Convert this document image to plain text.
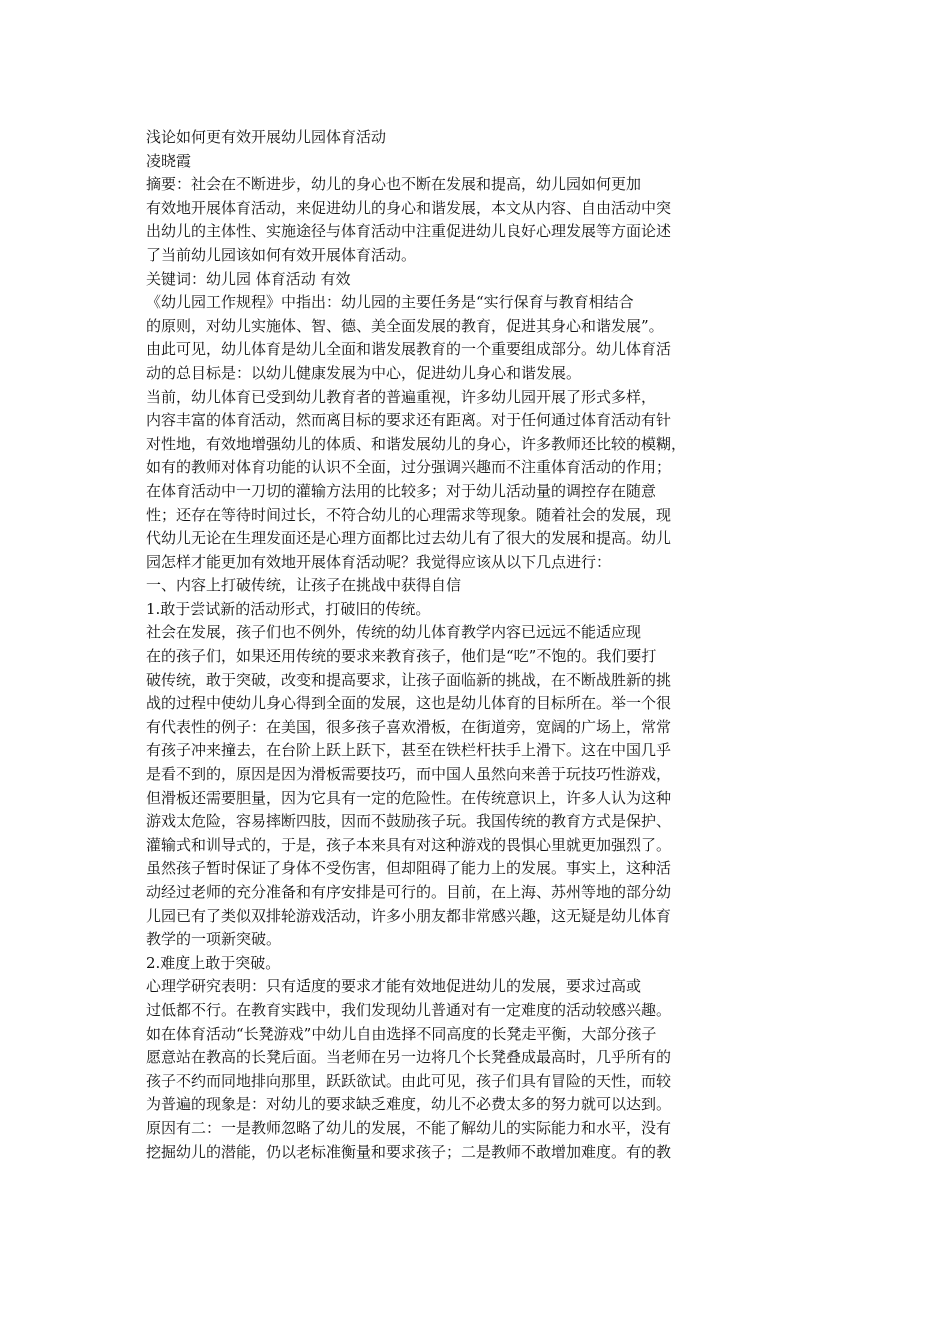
浅论如何更有效开展幼儿园体育活动
凌晓霞
摘要：社会在不断进步，幼儿的身心也不断在发展和提高，幼儿园如何更加
有效地开展体育活动，来促进幼儿的身心和谐发展，本文从内容、自由活动中突
出幼儿的主体性、实施途径与体育活动中注重促进幼儿良好心理发展等方面论述
了当前幼儿园该如何有效开展体育活动。
关键词：幼儿园 体育活动 有效
《幼儿园工作规程》中指出：幼儿园的主要任务是“实行保育与教育相结合
的原则，对幼儿实施体、智、德、美全面发展的教育，促进其身心和谐发展”。
由此可见，幼儿体育是幼儿全面和谐发展教育的一个重要组成部分。幼儿体育活
动的总目标是：以幼儿健康发展为中心，促进幼儿身心和谐发展。
当前，幼儿体育已受到幼儿教育者的普遍重视，许多幼儿园开展了形式多样，
内容丰富的体育活动，然而离目标的要求还有距离。对于任何通过体育活动有针
对性地，有效地增强幼儿的体质、和谐发展幼儿的身心，许多教师还比较的模糊，
如有的教师对体育功能的认识不全面，过分强调兴趣而不注重体育活动的作用；
在体育活动中一刀切的灌输方法用的比较多；对于幼儿活动量的调控存在随意
性；还存在等待时间过长，不符合幼儿的心理需求等现象。随着社会的发展，现
代幼儿无论在生理发面还是心理方面都比过去幼儿有了很大的发展和提高。幼儿
园怎样才能更加有效地开展体育活动呢？我觉得应该从以下几点进行：
一、内容上打破传统，让孩子在挑战中获得自信
1.敢于尝试新的活动形式，打破旧的传统。
社会在发展，孩子们也不例外，传统的幼儿体育教学内容已远远不能适应现
在的孩子们，如果还用传统的要求来教育孩子，他们是“吃”不饱的。我们要打
破传统，敢于突破，改变和提高要求，让孩子面临新的挑战，在不断战胜新的挑
战的过程中使幼儿身心得到全面的发展，这也是幼儿体育的目标所在。举一个很
有代表性的例子：在美国，很多孩子喜欢滑板，在街道旁，宽阔的广场上，常常
有孩子冲来撞去，在台阶上跃上跃下，甚至在铁栏杆扶手上滑下。这在中国几乎
是看不到的，原因是因为滑板需要技巧，而中国人虽然向来善于玩技巧性游戏，
但滑板还需要胆量，因为它具有一定的危险性。在传统意识上，许多人认为这种
游戏太危险，容易摔断四肢，因而不鼓励孩子玩。我国传统的教育方式是保护、
灌输式和训导式的，于是，孩子本来具有对这种游戏的畏惧心里就更加强烈了。
虽然孩子暂时保证了身体不受伤害，但却阻碍了能力上的发展。事实上，这种活
动经过老师的充分准备和有序安排是可行的。目前，在上海、苏州等地的部分幼
儿园已有了类似双排轮游戏活动，许多小朋友都非常感兴趣，这无疑是幼儿体育
教学的一项新突破。
2.难度上敢于突破。
心理学研究表明：只有适度的要求才能有效地促进幼儿的发展，要求过高或
过低都不行。在教育实践中，我们发现幼儿普通对有一定难度的活动较感兴趣。
如在体育活动“长凳游戏”中幼儿自由选择不同高度的长凳走平衡，大部分孩子
愿意站在教高的长凳后面。当老师在另一边将几个长凳叠成最高时，几乎所有的
孩子不约而同地排向那里，跃跃欲试。由此可见，孩子们具有冒险的天性，而较
为普遍的现象是：对幼儿的要求缺乏难度，幼儿不必费太多的努力就可以达到。
原因有二：一是教师忽略了幼儿的发展，不能了解幼儿的实际能力和水平，没有
挖掘幼儿的潜能，仍以老标准衡量和要求孩子；二是教师不敢增加难度。有的教
